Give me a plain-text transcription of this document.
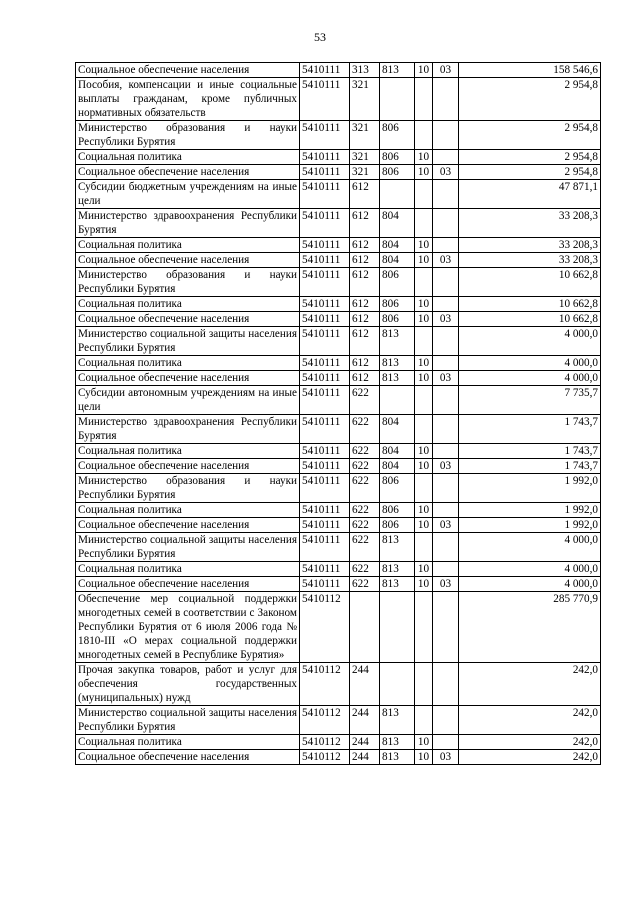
53
Социальное обеспечение населения	5410111	313	813	10	03	158 546,6
Пособия, компенсации и иные социальные выплаты гражданам, кроме публичных нормативных обязательств	5410111	321				2 954,8
Министерство образования и науки Республики Бурятия	5410111	321	806			2 954,8
Социальная политика	5410111	321	806	10		2 954,8
Социальное обеспечение населения	5410111	321	806	10	03	2 954,8
Субсидии бюджетным учреждениям на иные цели	5410111	612				47 871,1
Министерство здравоохранения Республики Бурятия	5410111	612	804			33 208,3
Социальная политика	5410111	612	804	10		33 208,3
Социальное обеспечение населения	5410111	612	804	10	03	33 208,3
Министерство образования и науки Республики Бурятия	5410111	612	806			10 662,8
Социальная политика	5410111	612	806	10		10 662,8
Социальное обеспечение населения	5410111	612	806	10	03	10 662,8
Министерство социальной защиты населения Республики Бурятия	5410111	612	813			4 000,0
Социальная политика	5410111	612	813	10		4 000,0
Социальное обеспечение населения	5410111	612	813	10	03	4 000,0
Субсидии автономным учреждениям на иные цели	5410111	622				7 735,7
Министерство здравоохранения Республики Бурятия	5410111	622	804			1 743,7
Социальная политика	5410111	622	804	10		1 743,7
Социальное обеспечение населения	5410111	622	804	10	03	1 743,7
Министерство образования и науки Республики Бурятия	5410111	622	806			1 992,0
Социальная политика	5410111	622	806	10		1 992,0
Социальное обеспечение населения	5410111	622	806	10	03	1 992,0
Министерство социальной защиты населения Республики Бурятия	5410111	622	813			4 000,0
Социальная политика	5410111	622	813	10		4 000,0
Социальное обеспечение населения	5410111	622	813	10	03	4 000,0
Обеспечение мер социальной поддержки многодетных семей в соответствии с Законом Республики Бурятия от 6 июля 2006 года № 1810-III «О мерах социальной поддержки многодетных семей в Республике Бурятия»	5410112					285 770,9
Прочая закупка товаров, работ и услуг для обеспечения государственных (муниципальных) нужд	5410112	244				242,0
Министерство социальной защиты населения Республики Бурятия	5410112	244	813			242,0
Социальная политика	5410112	244	813	10		242,0
Социальное обеспечение населения	5410112	244	813	10	03	242,0
